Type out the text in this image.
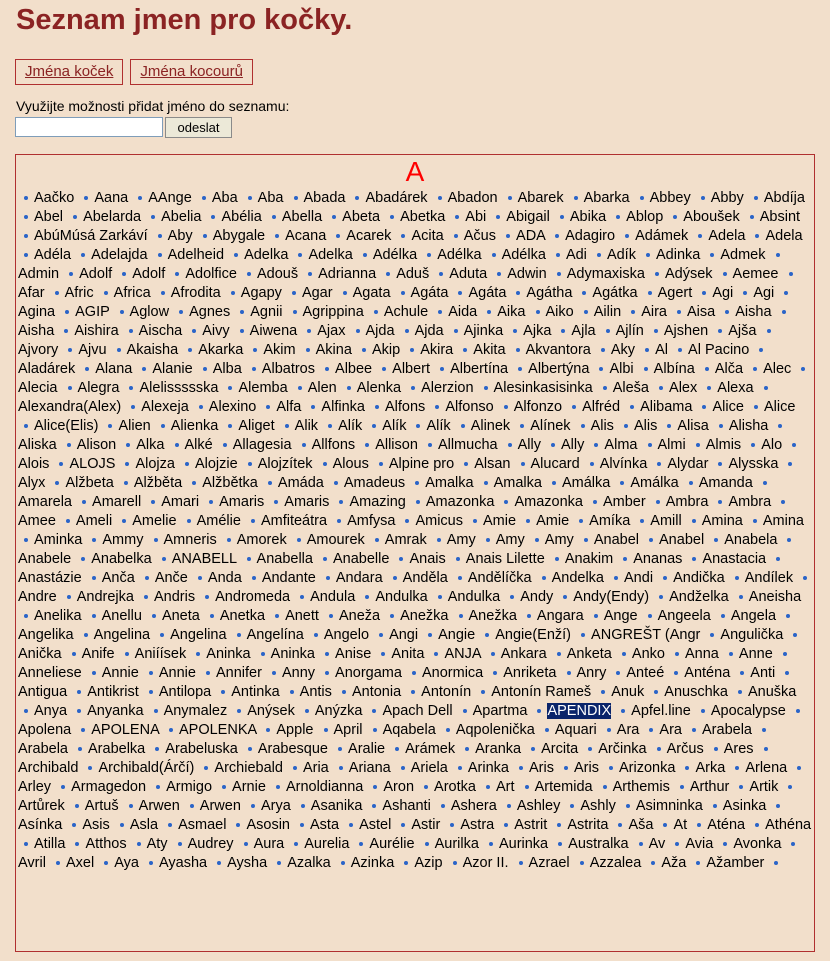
Seznam jmen pro kočky.
Jména koček	Jména kocourů
Využijte možnosti přidat jméno do seznamu:
odeslat
A
Aačko Aana AAnge Aba Aba Abada Abadárek Abadon Abarek Abarka Abbey Abby Abdíja Abel Abelarda Abelia Abélia Abella Abeta Abetka Abi Abigail Abika Ablop Aboušek Absint AbúMúsá Zarkáví Aby Abygale Acana Acarek Acita Ačus ADA Adagiro Adámek Adela Adela Adéla Adelajda Adelheid Adelka Adelka Adélka Adélka Adélka Adi Adík Adinka Admek Admin Adolf Adolf Adolfice Adouš Adrianna Aduš Aduta Adwin Adymaxiska Adýsek Aemee Afar Afric Africa Afrodita Agapy Agar Agata Agáta Agáta Agátha Agátka Agert Agi Agi Agina AGIP Aglow Agnes Agnii Agrippina Achule Aida Aika Aiko Ailin Aira Aisa Aisha Aisha Aishira Aischa Aivy Aiwena Ajax Ajda Ajda Ajinka Ajka Ajla Ajlín Ajshen Ajša Ajvory Ajvu Akaisha Akarka Akim Akina Akip Akira Akita Akvantora Aky Al Al Pacino Aladárek Alana Alanie Alba Albatros Albee Albert Albertína Albertýna Albi Albína Alča Alec Alecia Alegra Alelissssska Alemba Alen Alenka Alerzion Alesinkasisinka Aleša Alex Alexa Alexandra(Alex) Alexeja Alexino Alfa Alfinka Alfons Alfonso Alfonzo Alfréd Alibama Alice Alice Alice(Elis) Alien Alienka Aliget Alik Alík Alík Alík Alinek Alínek Alis Alis Alisa Alisha Aliska Alison Alka Alké Allagesia Allfons Allison Allmucha Ally Ally Alma Almi Almis Alo Alois ALOJS Alojza Alojzie Alojzítek Alous Alpine pro Alsan Alucard Alvínka Alydar Alysska Alyx Alžbeta Alžběta Alžbětka Amáda Amadeus Amalka Amalka Amálka Amálka Amanda Amarela Amarell Amari Amaris Amaris Amazing Amazonka Amazonka Amber Ambra Ambra Amee Ameli Amelie Amélie Amfiteátra Amfysa Amicus Amie Amie Amíka Amill Amina Amina Aminka Ammy Amneris Amorek Amourek Amrak Amy Amy Amy Anabel Anabel Anabela Anabele Anabelka ANABELL Anabella Anabelle Anais Anais Lilette Anakim Ananas Anastacia Anastázie Anča Anče Anda Andante Andara Anděla Andělíčka Andelka Andi Andička Andílek Andre Andrejka Andris Andromeda Andula Andulka Andulka Andy Andy(Endy) Andželka Aneisha Anelika Anellu Aneta Anetka Anett Aneža Anežka Anežka Angara Ange Angeela Angela Angelika Angelina Angelina Angelína Angelo Angi Angie Angie(Enží) ANGREŠT (Angr Angulička Anička Anife Aniíísek Aninka Aninka Anise Anita ANJA Ankara Anketa Anko Anna Anne Anneliese Annie Annie Annifer Anny Anorgama Anormica Anriketa Anry Anteé Anténa Anti Antigua Antikrist Antilopa Antinka Antis Antonia Antonín Antonín Rameš Anuk Anuschka Anuška Anya Anyanka Anymalez Anýsek Anýzka Apach Dell Apartma APENDIX Apfel.line Apocalypse Apolena APOLENA APOLENKA Apple April Aqabela Aqpolenička Aquari Ara Ara Arabela Arabela Arabelka Arabeluska Arabesque Aralie Arámek Aranka Arcita Arčinka Arčus Ares Archibald Archibald(Árčí) Archiebald Aria Ariana Ariela Arinka Aris Aris Arizonka Arka Arlena Arley Armagedon Armigo Arnie Arnoldianna Aron Arotka Art Artemida Arthemis Arthur Artik Artůrek Artuš Arwen Arwen Arya Asanika Ashanti Ashera Ashley Ashly Asimninka Asinka Asínka Asis Asla Asmael Asosin Asta Astel Astir Astra Astrit Astrita Aša At Aténa Athéna Atilla Atthos Aty Audrey Aura Aurelia Aurélie Aurilka Aurinka Australka Av Avia Avonka Avril Axel Aya Ayasha Aysha Azalka Azinka Azip Azor II. Azrael Azzalea Aža Ažamber
